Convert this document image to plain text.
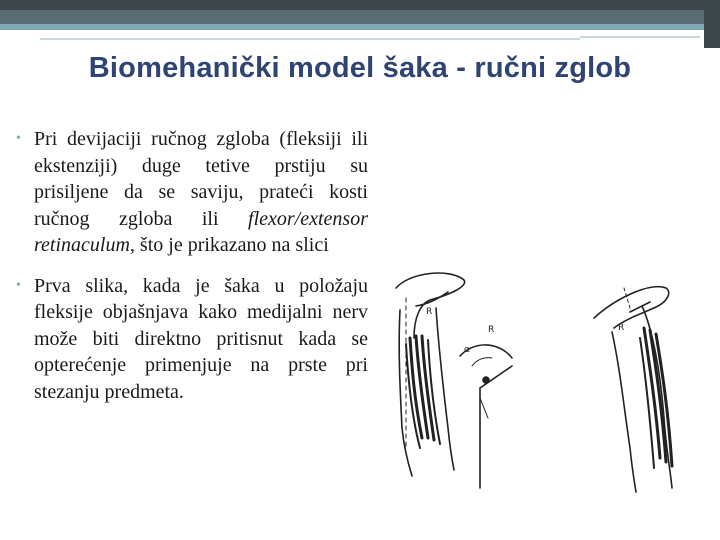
Biomehanički model šaka - ručni zglob
• Pri devijaciji ručnog zgloba (fleksiji ili ekstenziji) duge tetive prstiju su prisiljene da se saviju, prateći kosti ručnog zgloba ili flexor/extensor retinaculum, što je prikazano na slici
• Prva slika, kada je šaka u položaju fleksije objašnjava kako medijalni nerv može biti direktno pritisnut kada se opterećenje primenjuje na prste pri stezanju predmeta.
R
R
α
R
